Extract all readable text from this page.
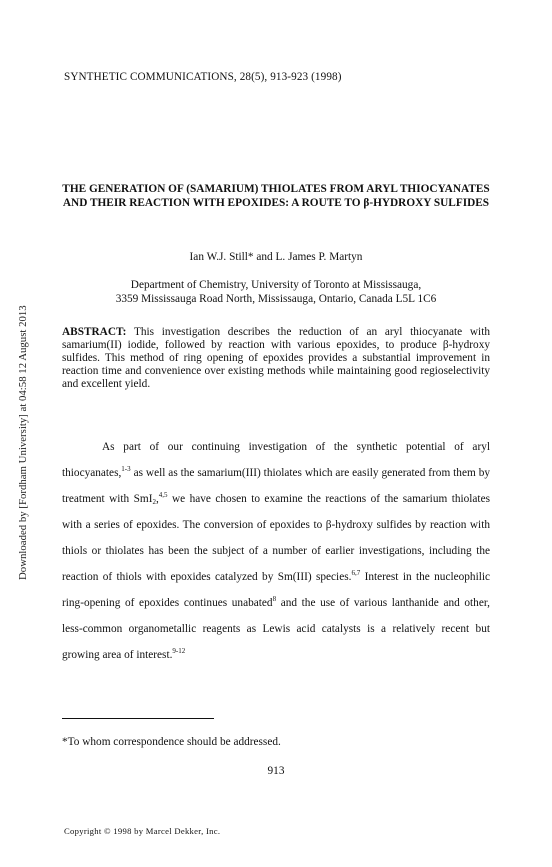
SYNTHETIC COMMUNICATIONS, 28(5), 913-923 (1998)
THE GENERATION OF (SAMARIUM) THIOLATES FROM ARYL THIOCYANATES AND THEIR REACTION WITH EPOXIDES: A ROUTE TO β-HYDROXY SULFIDES
Ian W.J. Still* and L. James P. Martyn
Department of Chemistry, University of Toronto at Mississauga,
3359 Mississauga Road North, Mississauga, Ontario, Canada L5L 1C6
ABSTRACT: This investigation describes the reduction of an aryl thiocyanate with samarium(II) iodide, followed by reaction with various epoxides, to produce β-hydroxy sulfides. This method of ring opening of epoxides provides a substantial improvement in reaction time and convenience over existing methods while maintaining good regioselectivity and excellent yield.

As part of our continuing investigation of the synthetic potential of aryl thiocyanates,$^{1-3}$ as well as the samarium(III) thiolates which are easily generated from them by treatment with SmI$_2$,$^{4,5}$ we have chosen to examine the reactions of the samarium thiolates with a series of epoxides. The conversion of epoxides to β-hydroxy sulfides by reaction with thiols or thiolates has been the subject of a number of earlier investigations, including the reaction of thiols with epoxides catalyzed by Sm(III) species.$^{6,7}$ Interest in the nucleophilic ring-opening of epoxides continues unabated$^8$ and the use of various lanthanide and other, less-common organometallic reagents as Lewis acid catalysts is a relatively recent but growing area of interest.$^{9-12}$

*To whom correspondence should be addressed.
913
Copyright © 1998 by Marcel Dekker, Inc.
Downloaded by [Fordham University] at 04:58 12 August 2013
